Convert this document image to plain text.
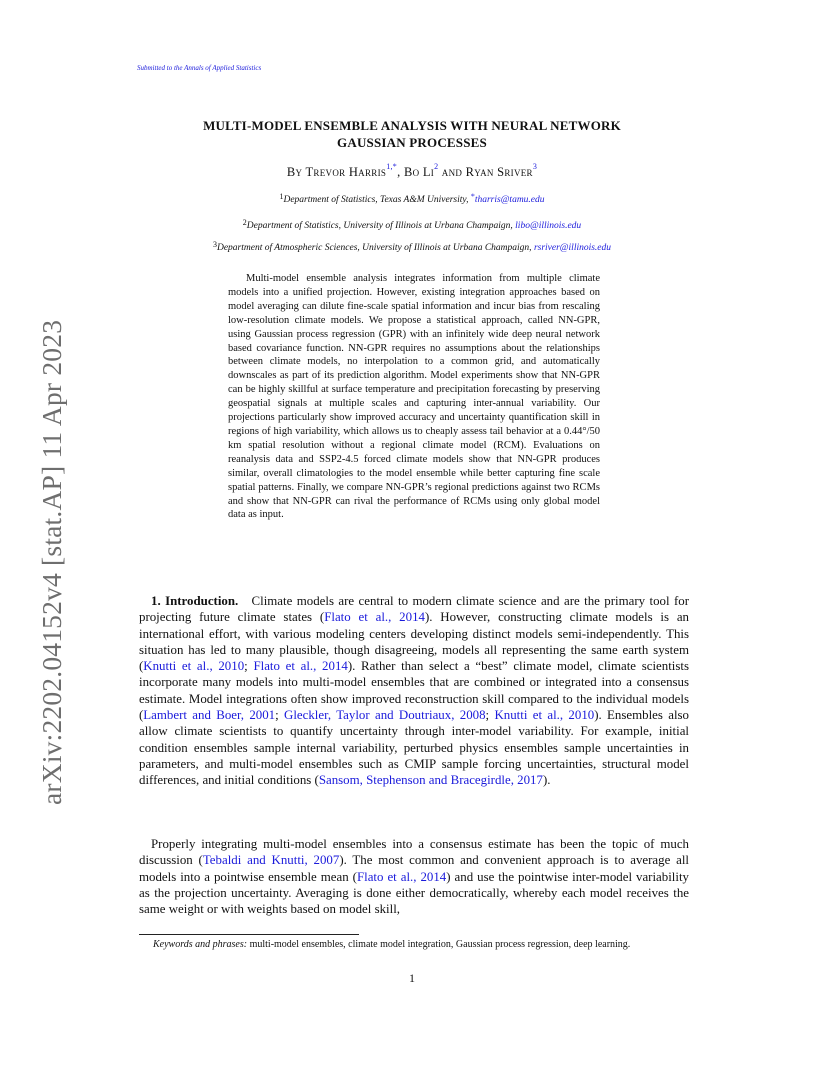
arXiv:2202.04152v4 [stat.AP] 11 Apr 2023
Submitted to the Annals of Applied Statistics
MULTI-MODEL ENSEMBLE ANALYSIS WITH NEURAL NETWORK
GAUSSIAN PROCESSES
By Trevor Harris$^{1,*}$, Bo Li$^2$ and Ryan Sriver$^3$
$^1$Department of Statistics, Texas A&M University, *tharris@tamu.edu
$^2$Department of Statistics, University of Illinois at Urbana Champaign, libo@illinois.edu
$^3$Department of Atmospheric Sciences, University of Illinois at Urbana Champaign, rsriver@illinois.edu

Multi-model ensemble analysis integrates information from multiple climate models into a unified projection. However, existing integration approaches based on model averaging can dilute fine-scale spatial information and incur bias from rescaling low-resolution climate models. We propose a statistical approach, called NN-GPR, using Gaussian process regression (GPR) with an infinitely wide deep neural network based covariance function. NN-GPR requires no assumptions about the relationships between climate models, no interpolation to a common grid, and automatically downscales as part of its prediction algorithm. Model experiments show that NN-GPR can be highly skillful at surface temperature and precipitation forecasting by preserving geospatial signals at multiple scales and capturing inter-annual variability. Our projections particularly show improved accuracy and uncertainty quantification skill in regions of high variability, which allows us to cheaply assess tail behavior at a 0.44°/50 km spatial resolution without a regional climate model (RCM). Evaluations on reanalysis data and SSP2-4.5 forced climate models show that NN-GPR produces similar, overall climatologies to the model ensemble while better capturing fine scale spatial patterns. Finally, we compare NN-GPR’s regional predictions against two RCMs and show that NN-GPR can rival the performance of RCMs using only global model data as input.

1. Introduction. Climate models are central to modern climate science and are the primary tool for projecting future climate states (Flato et al., 2014). However, constructing climate models is an international effort, with various modeling centers developing distinct models semi-independently. This situation has led to many plausible, though disagreeing, models all representing the same earth system (Knutti et al., 2010; Flato et al., 2014). Rather than select a “best” climate model, climate scientists incorporate many models into multi-model ensembles that are combined or integrated into a consensus estimate. Model integrations often show improved reconstruction skill compared to the individual models (Lambert and Boer, 2001; Gleckler, Taylor and Doutriaux, 2008; Knutti et al., 2010). Ensembles also allow climate scientists to quantify uncertainty through inter-model variability. For example, initial condition ensembles sample internal variability, perturbed physics ensembles sample uncertainties in parameters, and multi-model ensembles such as CMIP sample forcing uncertainties, structural model differences, and initial conditions (Sansom, Stephenson and Bracegirdle, 2017).

Properly integrating multi-model ensembles into a consensus estimate has been the topic of much discussion (Tebaldi and Knutti, 2007). The most common and convenient approach is to average all models into a pointwise ensemble mean (Flato et al., 2014) and use the pointwise inter-model variability as the projection uncertainty. Averaging is done either democratically, whereby each model receives the same weight or with weights based on model skill,

Keywords and phrases: multi-model ensembles, climate model integration, Gaussian process regression, deep learning.

1
